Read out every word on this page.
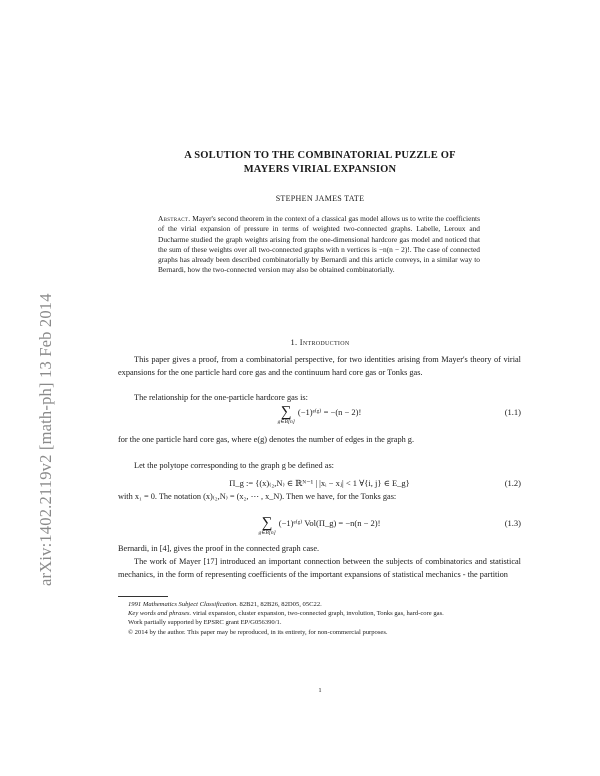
arXiv:1402.2119v2 [math-ph] 13 Feb 2014
A SOLUTION TO THE COMBINATORIAL PUZZLE OF
MAYERS VIRIAL EXPANSION
STEPHEN JAMES TATE

Abstract. Mayer's second theorem in the context of a classical gas model allows us to write the coefficients of the virial expansion of pressure in terms of weighted two-connected graphs. Labelle, Leroux and Ducharme studied the graph weights arising from the one-dimensional hardcore gas model and noticed that the sum of these weights over all two-connected graphs with n vertices is −n(n − 2)!. The case of connected graphs has already been described combinatorially by Bernardi and this article conveys, in a similar way to Bernardi, how the two-connected version may also be obtained combinatorially.

1. Introduction

This paper gives a proof, from a combinatorial perspective, for two identities arising from Mayer's theory of virial expansions for the one particle hard core gas and the continuum hard core gas or Tonks gas.

The relationship for the one-particle hardcore gas is:

∑
g∈B[n]
(−1)ᵉ⁽ᵍ⁾ = −(n − 2)!	(1.1)

for the one particle hard core gas, where e(g) denotes the number of edges in the graph g.

Let the polytope corresponding to the graph g be defined as:

Π_g := {(x)₍₂,N₎ ∈ ℝᴺ⁻¹ | |xᵢ − xⱼ| < 1 ∀{i, j} ∈ E_g}	(1.2)

with x₁ = 0. The notation (x)₍₂,N₎ = (x₂, ⋯ , x_N). Then we have, for the Tonks gas:

∑
g∈B[n]
(−1)ᵉ⁽ᵍ⁾ Vol(Π_g) = −n(n − 2)!	(1.3)

Bernardi, in [4], gives the proof in the connected graph case.

The work of Mayer [17] introduced an important connection between the subjects of combinatorics and statistical mechanics, in the form of representing coefficients of the important expansions of statistical mechanics - the partition

1991 Mathematics Subject Classification. 82B21, 82B26, 82D05, 05C22.

Key words and phrases. virial expansion, cluster expansion, two-connected graph, involution, Tonks gas, hard-core gas.

Work partially supported by EPSRC grant EP/G056390/1.

© 2014 by the author. This paper may be reproduced, in its entirety, for non-commercial purposes.

1
